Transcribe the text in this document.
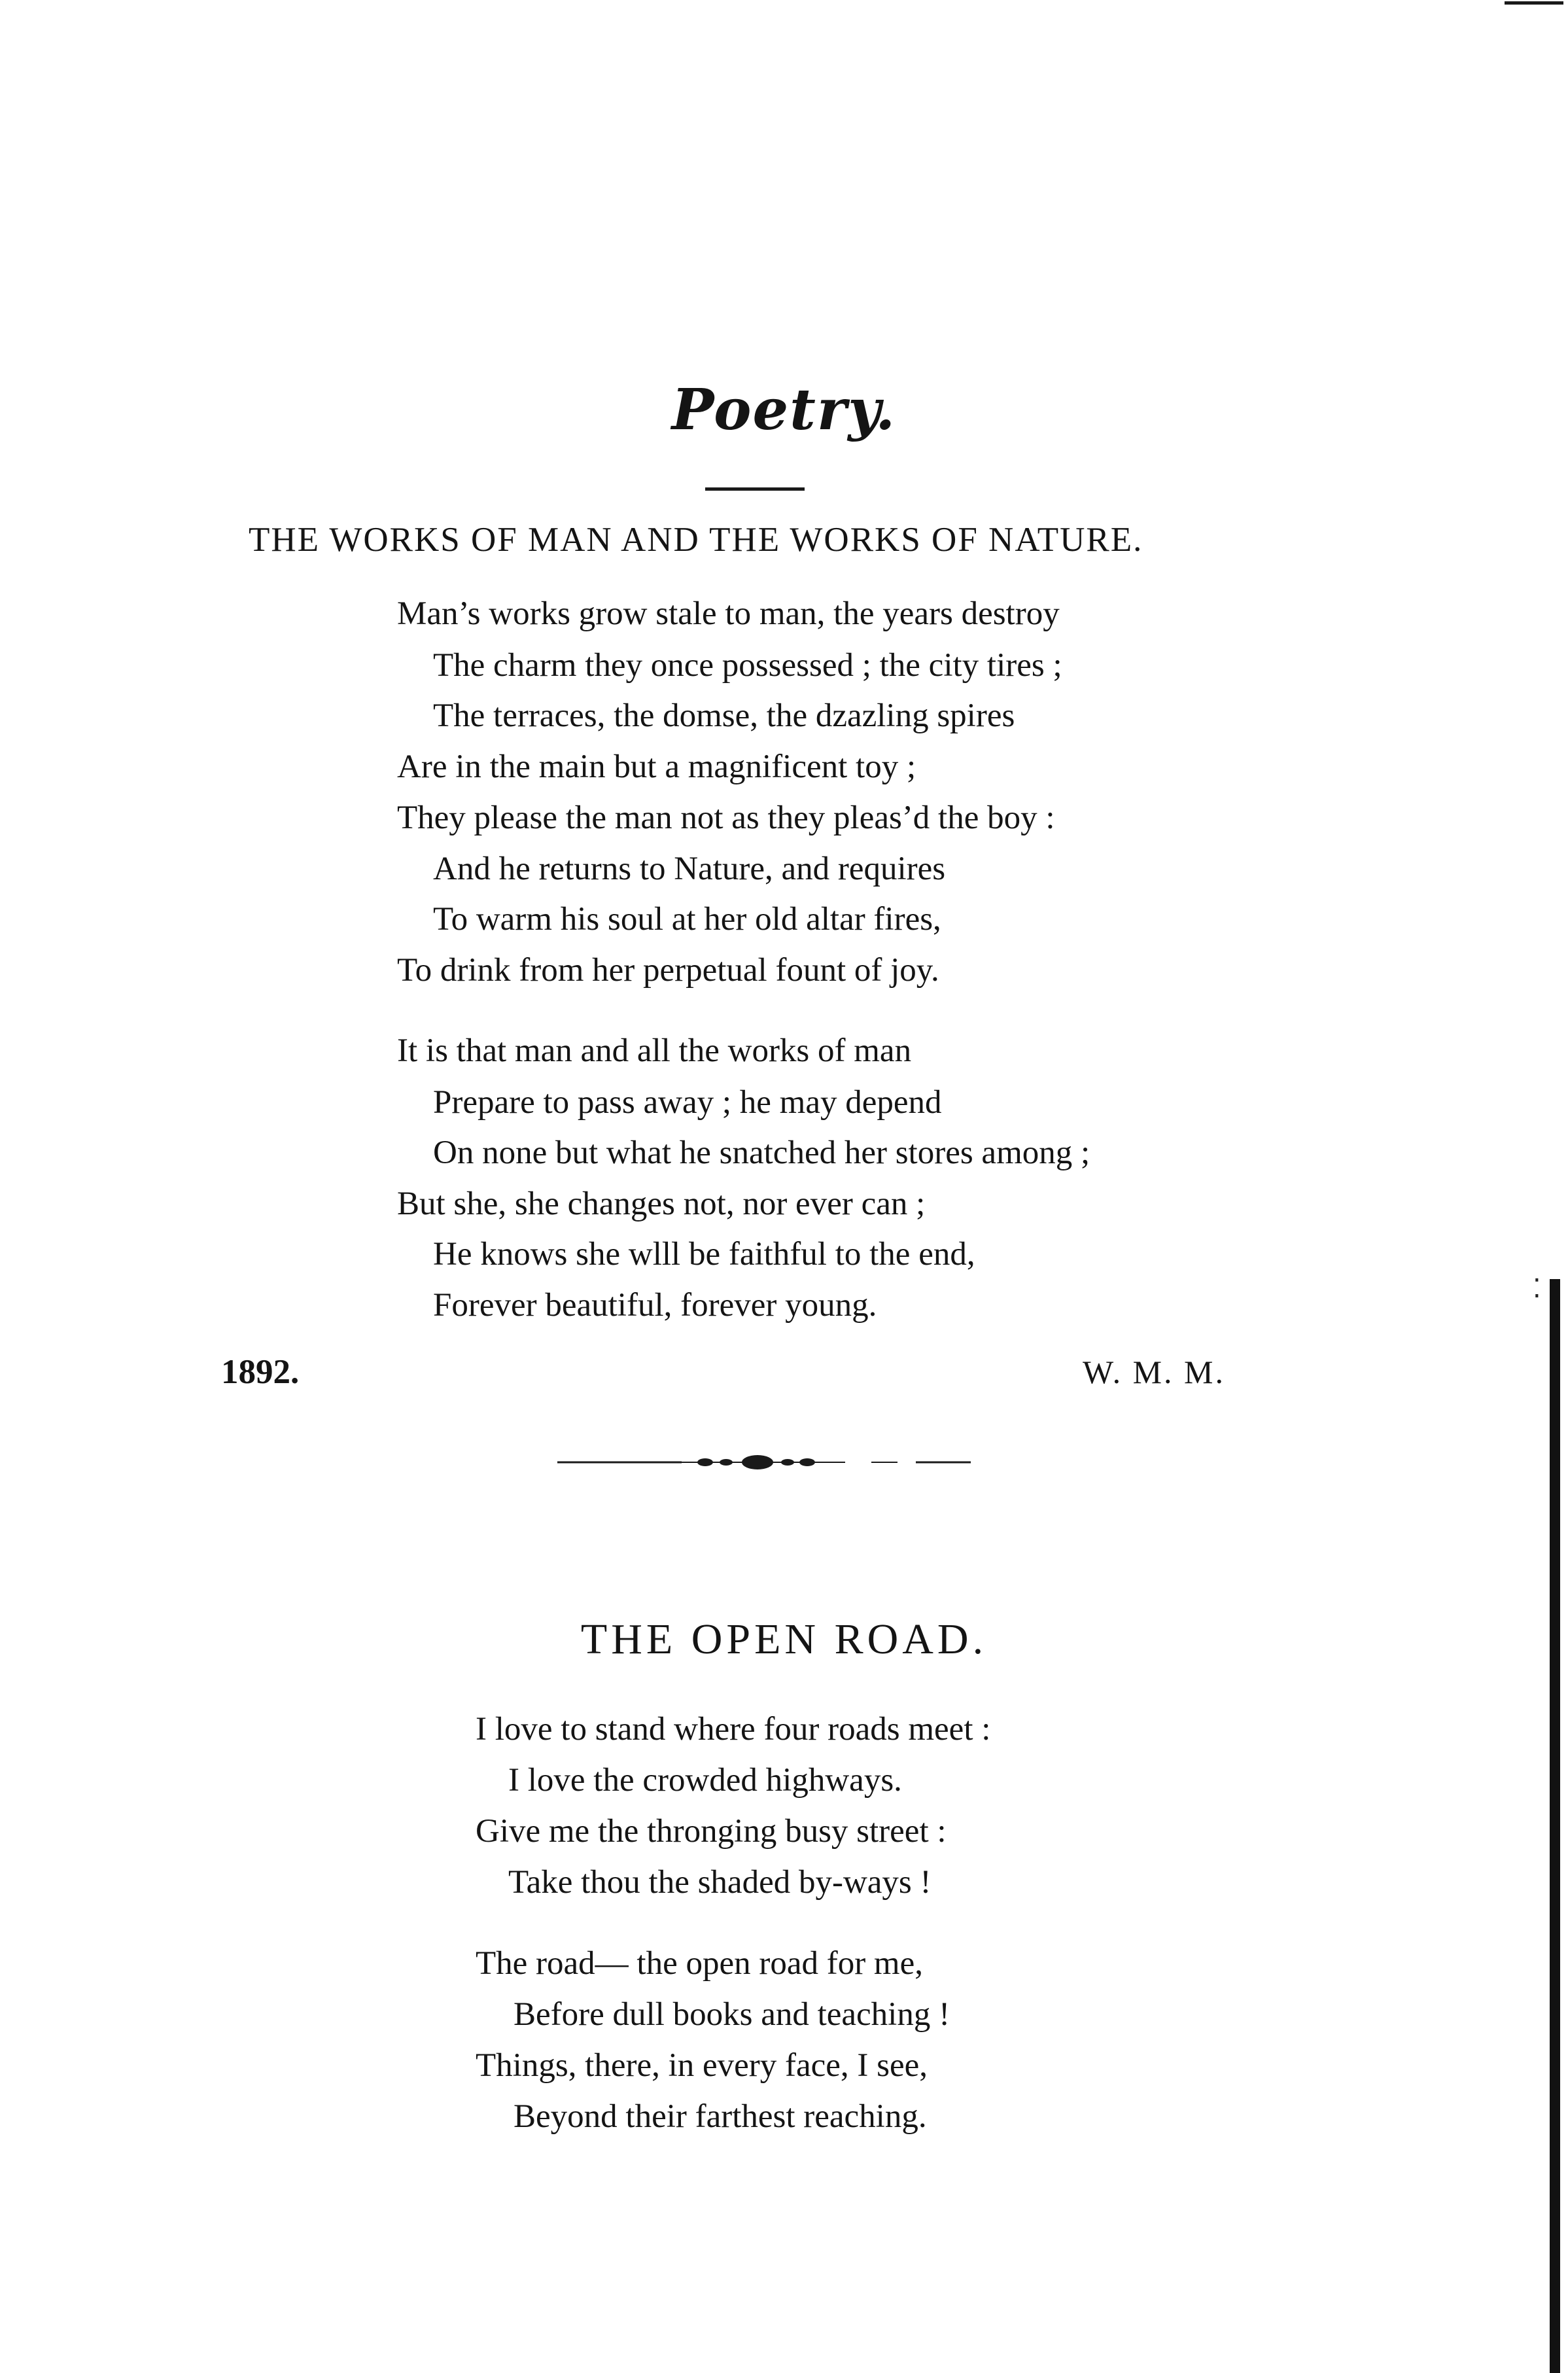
⁚
Poetry.
THE WORKS OF MAN AND THE WORKS OF NATURE.
Man’s works grow stale to man, the years destroy
The charm they once possessed ; the city tires ;
The terraces, the domse, the dzazling spires
Are in the main but a magnificent toy ;
They please the man not as they pleas’d the boy :
And he returns to Nature, and requires
To warm his soul at her old altar fires,
To drink from her perpetual fount of joy.
It is that man and all the works of man
Prepare to pass away ; he may depend
On none but what he snatched her stores among ;
But she, she changes not, nor ever can ;
He knows she wlll be faithful to the end,
Forever beautiful, forever young.
1892.	W. M. M.
THE OPEN ROAD.
I love to stand where four roads meet :
I love the crowded highways.
Give me the thronging busy street :
Take thou the shaded by-ways !
The road— the open road for me,
Before dull books and teaching !
Things, there, in every face, I see,
Beyond their farthest reaching.
